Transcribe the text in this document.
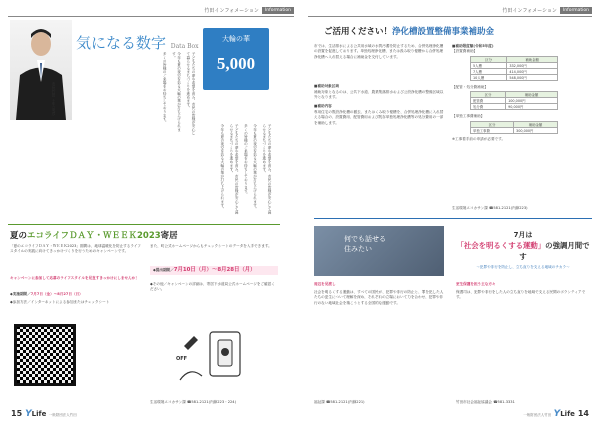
竹田インフォメーション	Information
市長竹田
土生 英彦
気になる数字 Data Box
大輪の華
5,000
子どもたちの夢や希望を育み、市民の皆様が安心して暮らせるまちづくりを進めます。
今年も夏の夜空を彩る大輪の華が打ち上げられます。
多くの皆様のご来場をお待ちしております。
子どもたちの夢や希望を育み、市民の皆様が安心して暮らせるまちづくりを進めます。
今年も夏の夜空を彩る大輪の華が打ち上げられます。
多くの皆様のご来場をお待ちしております。
子どもたちの夢や希望を育み、市民の皆様が安心して暮らせるまちづくりを進めます。
今年も夏の夜空を彩る大輪の華が打ち上げられます。
夏のエコライフＤＡＹ・ＷＥＥＫ2023寄居
「夏のエコライフＤＡＹ・ＷＥＥＫ2023」期間は、地球温暖化を防止するライフスタイルの実践に向けてきっかけづくりを行うためのキャンペーンです。
キャンペーンに参加して応募のライフスタイルを見直すきっかけにしませんか！
◆実施期間／7月7日（金）～8月27日（日）
◆参加方法／インターネットによる参加またはチェックシート
また、町公式ホームページからもチェックシートのデータを入手できます。
◆提出期間／7月10日（月）～8月28日（月）
◆その他／キャンペーンの詳細は、寄居下水道局公式ホームページをご確認ください。
OFF
生活環境エコカサン課 ☎581-2121(内線223・224)
15 YLife 一般財団法人竹田
竹田インフォメーション	Information
ご活用ください！浄化槽設置整備事業補助金
市では、生活排水による公共用水域の水質汚濁を防止するため、合併処理浄化槽の設置を促進しております。単独処理浄化槽、または汲み取り便槽から合併処理浄化槽へ入れ替える場合に補助金を交付しています。
■補助対象区域
補助対象となるのは、公共下水道、農業集落排水および公設浄化槽の整備区域以外となります。
■補助内容
専用住宅の既設浄化槽の撤去、またはくみ取り便槽を、合併処理浄化槽に入れ替える場合の、設置費用、配管費用および既存単独処理浄化槽等の処分費用の一部を補助します。
■補助限度額(令和5年度)
【設置費補助】
区分	補助金額
5人槽	332,000円
7人槽	414,000円
10人槽	548,000円
【配管・処分費補助】
区分	補助金額
配管費	100,000円
処分費	90,000円
【単独工事費補助】
区分	補助金額
単独工事費	300,000円
※工事着手前の申請が必要です。
生活環境エコカサン課 ☎581-2121(内線223)
何でも話せる
住みたい
7月は
「社会を明るくする運動」の強調月間です
～犯罪や非行を防止し、立ち直りを支える地域のチカラ～
周辺を見渡し
社会を明るくする運動は、すべての国民が、犯罪や非行の防止と、罪を犯した人たちの更生について理解を深め、それぞれの立場において力を合わせ、犯罪や非行のない地域社会を築こうとする全国的な運動です。
更生保護を担う主な方々
保護司は、犯罪や非行をした人の立ち直りを地域で支える民間のボランティアです。
福祉課 ☎581-2121(内線221)	竹田市社会福祉協議会 ☎581-3331
一般財団法人竹田 YLife 14
